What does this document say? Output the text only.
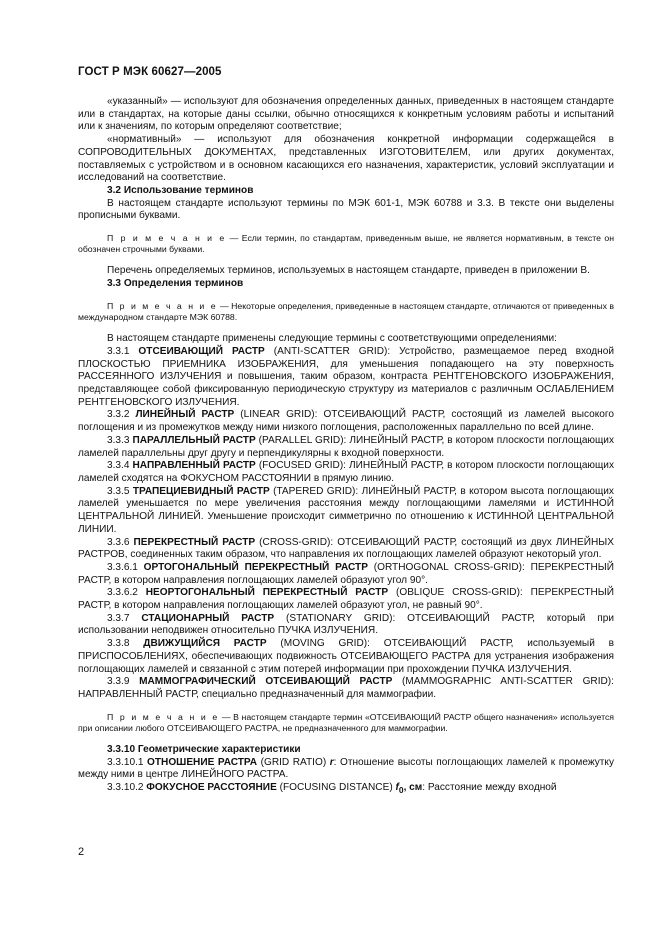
ГОСТ Р МЭК 60627—2005

«указанный» — используют для обозначения определенных данных, приведенных в настоящем стандарте или в стандартах, на которые даны ссылки, обычно относящихся к конкретным условиям работы и испытаний или к значениям, по которым определяют соответствие;

«нормативный» — используют для обозначения конкретной информации содержащейся в СОПРОВОДИТЕЛЬНЫХ ДОКУМЕНТАХ, представленных ИЗГОТОВИТЕЛЕМ, или других документах, поставляемых с устройством и в основном касающихся его назначения, характеристик, условий эксплуатации и исследований на соответствие.

3.2 Использование терминов

В настоящем стандарте используют термины по МЭК 601-1, МЭК 60788 и 3.3. В тексте они выделены прописными буквами.

П р и м е ч а н и е — Если термин, по стандартам, приведенным выше, не является нормативным, в тексте он обозначен строчными буквами.

Перечень определяемых терминов, используемых в настоящем стандарте, приведен в приложении В.

3.3 Определения терминов

П р и м е ч а н и е — Некоторые определения, приведенные в настоящем стандарте, отличаются от приведенных в международном стандарте МЭК 60788.

В настоящем стандарте применены следующие термины с соответствующими определениями:

3.3.1 ОТСЕИВАЮЩИЙ РАСТР (ANTI-SCATTER GRID): Устройство, размещаемое перед входной ПЛОСКОСТЬЮ ПРИЕМНИКА ИЗОБРАЖЕНИЯ, для уменьшения попадающего на эту поверхность РАССЕЯННОГО ИЗЛУЧЕНИЯ и повышения, таким образом, контраста РЕНТГЕНОВСКОГО ИЗОБРАЖЕНИЯ, представляющее собой фиксированную периодическую структуру из материалов с различным ОСЛАБЛЕНИЕМ РЕНТГЕНОВСКОГО ИЗЛУЧЕНИЯ.

3.3.2 ЛИНЕЙНЫЙ РАСТР (LINEAR GRID): ОТСЕИВАЮЩИЙ РАСТР, состоящий из ламелей высокого поглощения и из промежутков между ними низкого поглощения, расположенных параллельно по всей длине.

3.3.3 ПАРАЛЛЕЛЬНЫЙ РАСТР (PARALLEL GRID): ЛИНЕЙНЫЙ РАСТР, в котором плоскости поглощающих ламелей параллельны друг другу и перпендикулярны к входной поверхности.

3.3.4 НАПРАВЛЕННЫЙ РАСТР (FOCUSED GRID): ЛИНЕЙНЫЙ РАСТР, в котором плоскости поглощающих ламелей сходятся на ФОКУСНОМ РАССТОЯНИИ в прямую линию.

3.3.5 ТРАПЕЦИЕВИДНЫЙ РАСТР (TAPERED GRID): ЛИНЕЙНЫЙ РАСТР, в котором высота поглощающих ламелей уменьшается по мере увеличения расстояния между поглощающими ламелями и ИСТИННОЙ ЦЕНТРАЛЬНОЙ ЛИНИЕЙ. Уменьшение происходит симметрично по отношению к ИСТИННОЙ ЦЕНТРАЛЬНОЙ ЛИНИИ.

3.3.6 ПЕРЕКРЕСТНЫЙ РАСТР (CROSS-GRID): ОТСЕИВАЮЩИЙ РАСТР, состоящий из двух ЛИНЕЙНЫХ РАСТРОВ, соединенных таким образом, что направления их поглощающих ламелей образуют некоторый угол.

3.3.6.1 ОРТОГОНАЛЬНЫЙ ПЕРЕКРЕСТНЫЙ РАСТР (ORTHOGONAL CROSS-GRID): ПЕРЕКРЕСТНЫЙ РАСТР, в котором направления поглощающих ламелей образуют угол 90°.

3.3.6.2 НЕОРТОГОНАЛЬНЫЙ ПЕРЕКРЕСТНЫЙ РАСТР (OBLIQUE CROSS-GRID): ПЕРЕКРЕСТНЫЙ РАСТР, в котором направления поглощающих ламелей образуют угол, не равный 90°.

3.3.7 СТАЦИОНАРНЫЙ РАСТР (STATIONARY GRID): ОТСЕИВАЮЩИЙ РАСТР, который при использовании неподвижен относительно ПУЧКА ИЗЛУЧЕНИЯ.

3.3.8 ДВИЖУЩИЙСЯ РАСТР (MOVING GRID): ОТСЕИВАЮЩИЙ РАСТР, используемый в ПРИСПОСОБЛЕНИЯХ, обеспечивающих подвижность ОТСЕИВАЮЩЕГО РАСТРА для устранения изображения поглощающих ламелей и связанной с этим потерей информации при прохождении ПУЧКА ИЗЛУЧЕНИЯ.

3.3.9 МАММОГРАФИЧЕСКИЙ ОТСЕИВАЮЩИЙ РАСТР (MAMMOGRAPHIC ANTI-SCATTER GRID): НАПРАВЛЕННЫЙ РАСТР, специально предназначенный для маммографии.

П р и м е ч а н и е — В настоящем стандарте термин «ОТСЕИВАЮЩИЙ РАСТР общего назначения» используется при описании любого ОТСЕИВАЮЩЕГО РАСТРА, не предназначенного для маммографии.

3.3.10 Геометрические характеристики

3.3.10.1 ОТНОШЕНИЕ РАСТРА (GRID RATIO) r: Отношение высоты поглощающих ламелей к промежутку между ними в центре ЛИНЕЙНОГО РАСТРА.

3.3.10.2 ФОКУСНОЕ РАССТОЯНИЕ (FOCUSING DISTANCE) $f_0$, см: Расстояние между входной

2
